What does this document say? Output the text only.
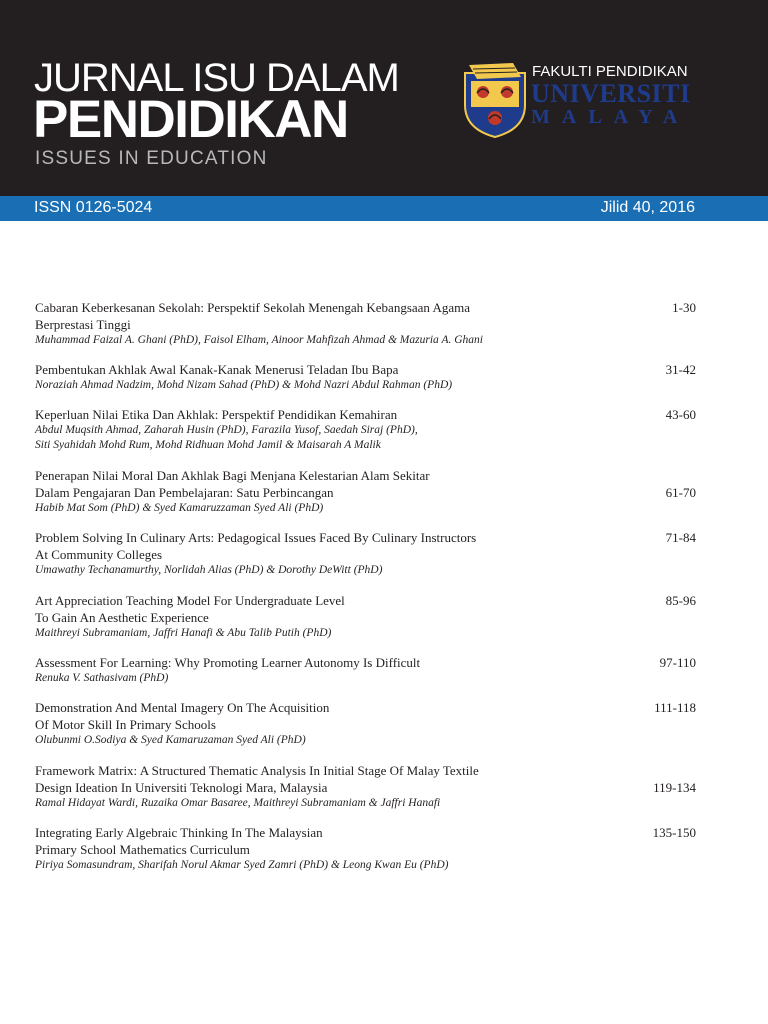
JURNAL ISU DALAM
PENDIDIKAN
ISSUES IN EDUCATION
FAKULTI PENDIDIKAN
UNIVERSITI
MALAYA
ISSN 0126-5024	Jilid 40, 2016
Cabaran Keberkesanan Sekolah: Perspektif Sekolah Menengah Kebangsaan Agama
Berprestasi Tinggi
Muhammad Faizal A. Ghani (PhD), Faisol Elham, Ainoor Mahfizah Ahmad & Mazuria A. Ghani
1-30
Pembentukan Akhlak Awal Kanak-Kanak Menerusi Teladan Ibu Bapa
Noraziah Ahmad Nadzim, Mohd Nizam Sahad (PhD) & Mohd Nazri Abdul Rahman (PhD)
31-42
Keperluan Nilai Etika Dan Akhlak: Perspektif Pendidikan Kemahiran
Abdul Muqsith Ahmad, Zaharah Husin (PhD), Farazila Yusof, Saedah Siraj (PhD),
Siti Syahidah Mohd Rum, Mohd Ridhuan Mohd Jamil & Maisarah A Malik
43-60
Penerapan Nilai Moral Dan Akhlak Bagi Menjana Kelestarian Alam Sekitar
Dalam Pengajaran Dan Pembelajaran: Satu Perbincangan
Habib Mat Som (PhD) & Syed Kamaruzzaman Syed Ali (PhD)
61-70
Problem Solving In Culinary Arts: Pedagogical Issues Faced By Culinary Instructors
At Community Colleges
Umawathy Techanamurthy, Norlidah Alias (PhD) & Dorothy DeWitt (PhD)
71-84
Art Appreciation Teaching Model For Undergraduate Level
To Gain An Aesthetic Experience
Maithreyi Subramaniam, Jaffri Hanafi & Abu Talib Putih (PhD)
85-96
Assessment For Learning: Why Promoting Learner Autonomy Is Difficult
Renuka V. Sathasivam (PhD)
97-110
Demonstration And Mental Imagery On The Acquisition
Of Motor Skill In Primary Schools
Olubunmi O.Sodiya & Syed Kamaruzaman Syed Ali (PhD)
111-118
Framework Matrix: A Structured Thematic Analysis In Initial Stage Of Malay Textile
Design Ideation In Universiti Teknologi Mara, Malaysia
Ramal Hidayat Wardi, Ruzaika Omar Basaree, Maithreyi Subramaniam & Jaffri Hanafi
119-134
Integrating Early Algebraic Thinking In The Malaysian
Primary School Mathematics Curriculum
Piriya Somasundram, Sharifah Norul Akmar Syed Zamri (PhD) & Leong Kwan Eu (PhD)
135-150
